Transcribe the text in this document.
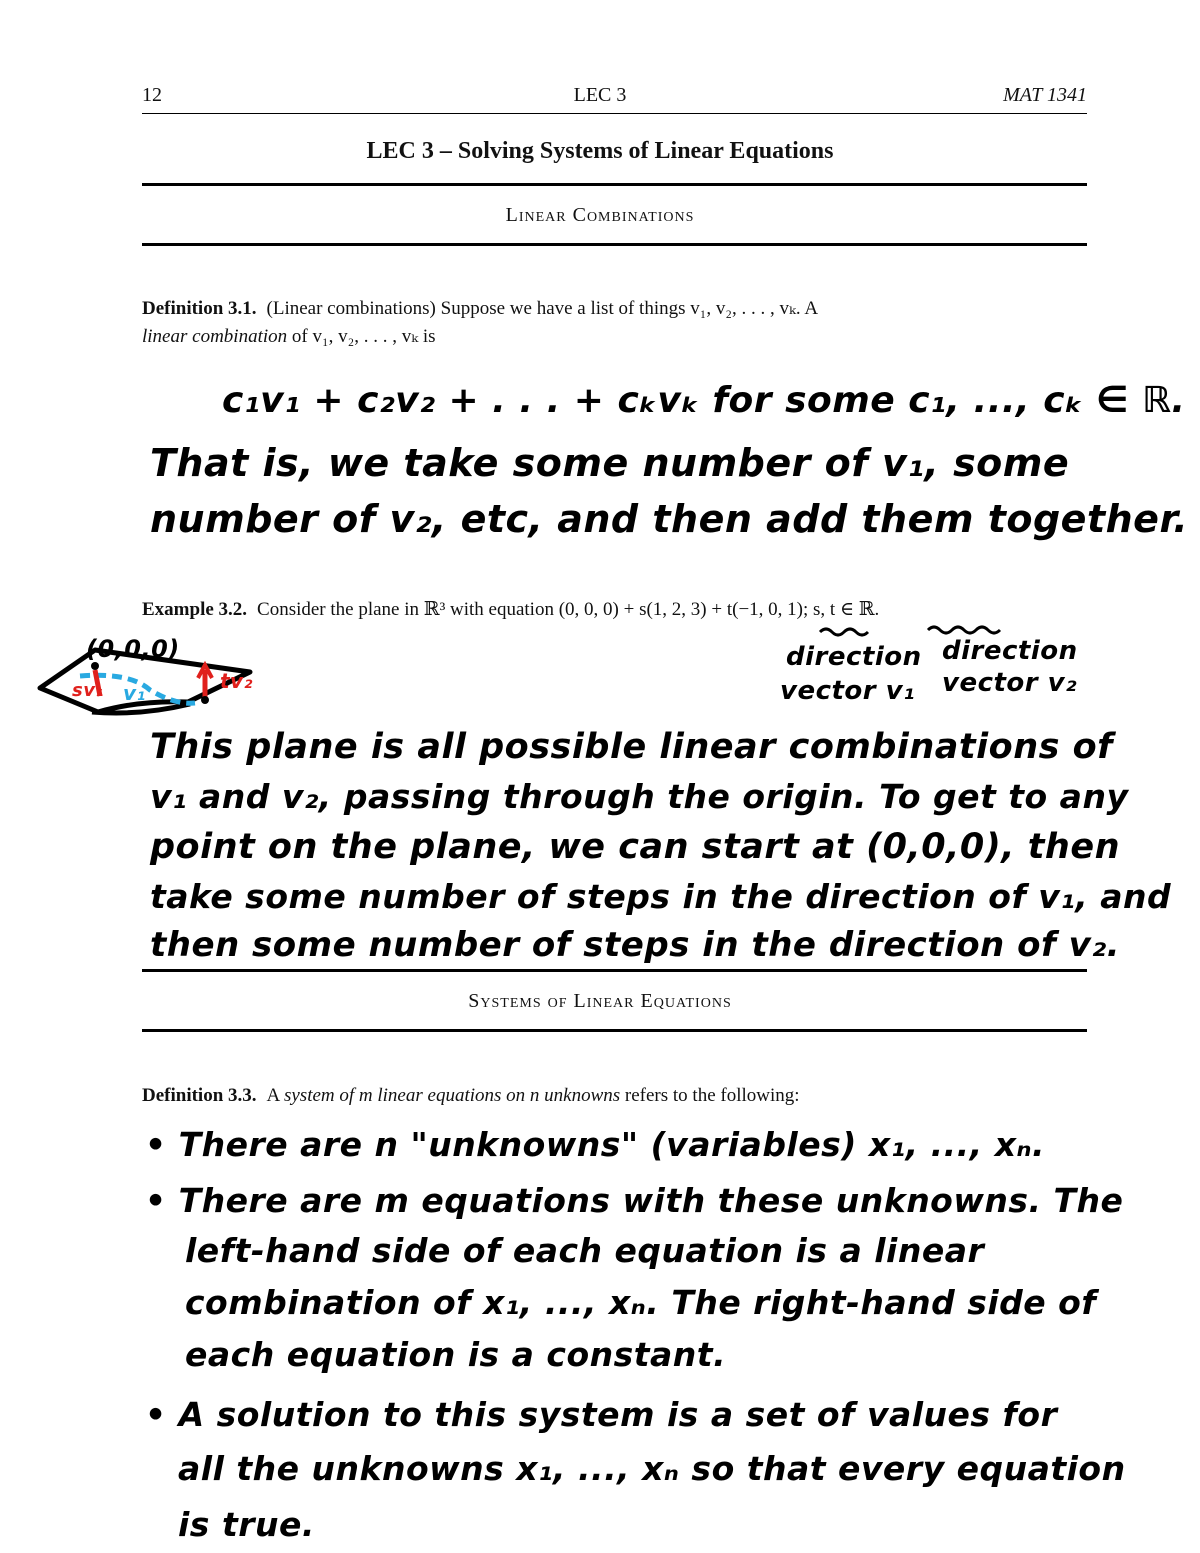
12	LEC 3	MAT 1341
LEC 3 – Solving Systems of Linear Equations
Linear Combinations
Definition 3.1. (Linear combinations) Suppose we have a list of things v₁, v₂, . . . , vₖ. A
linear combination of v₁, v₂, . . . , vₖ is
c₁v₁ + c₂v₂ + . . . + cₖvₖ for some c₁, ..., cₖ ∈ ℝ.
That is, we take some number of v₁, some
number of v₂, etc, and then add them together.
Example 3.2. Consider the plane in ℝ³ with equation (0, 0, 0) + s(1, 2, 3) + t(−1, 0, 1); s, t ∈ ℝ.
(0,0,0)
v₁
sv₁	tv₂
direction
vector v₁
direction
vector v₂
This plane is all possible linear combinations of
v₁ and v₂, passing through the origin. To get to any
point on the plane, we can start at (0,0,0), then
take some number of steps in the direction of v₁, and
then some number of steps in the direction of v₂.
Systems of Linear Equations
Definition 3.3. A system of m linear equations on n unknowns refers to the following:
• There are n "unknowns" (variables) x₁, ..., xₙ.
• There are m equations with these unknowns. The
left-hand side of each equation is a linear
combination of x₁, ..., xₙ. The right-hand side of
each equation is a constant.
• A solution to this system is a set of values for
all the unknowns x₁, ..., xₙ so that every equation
is true.
